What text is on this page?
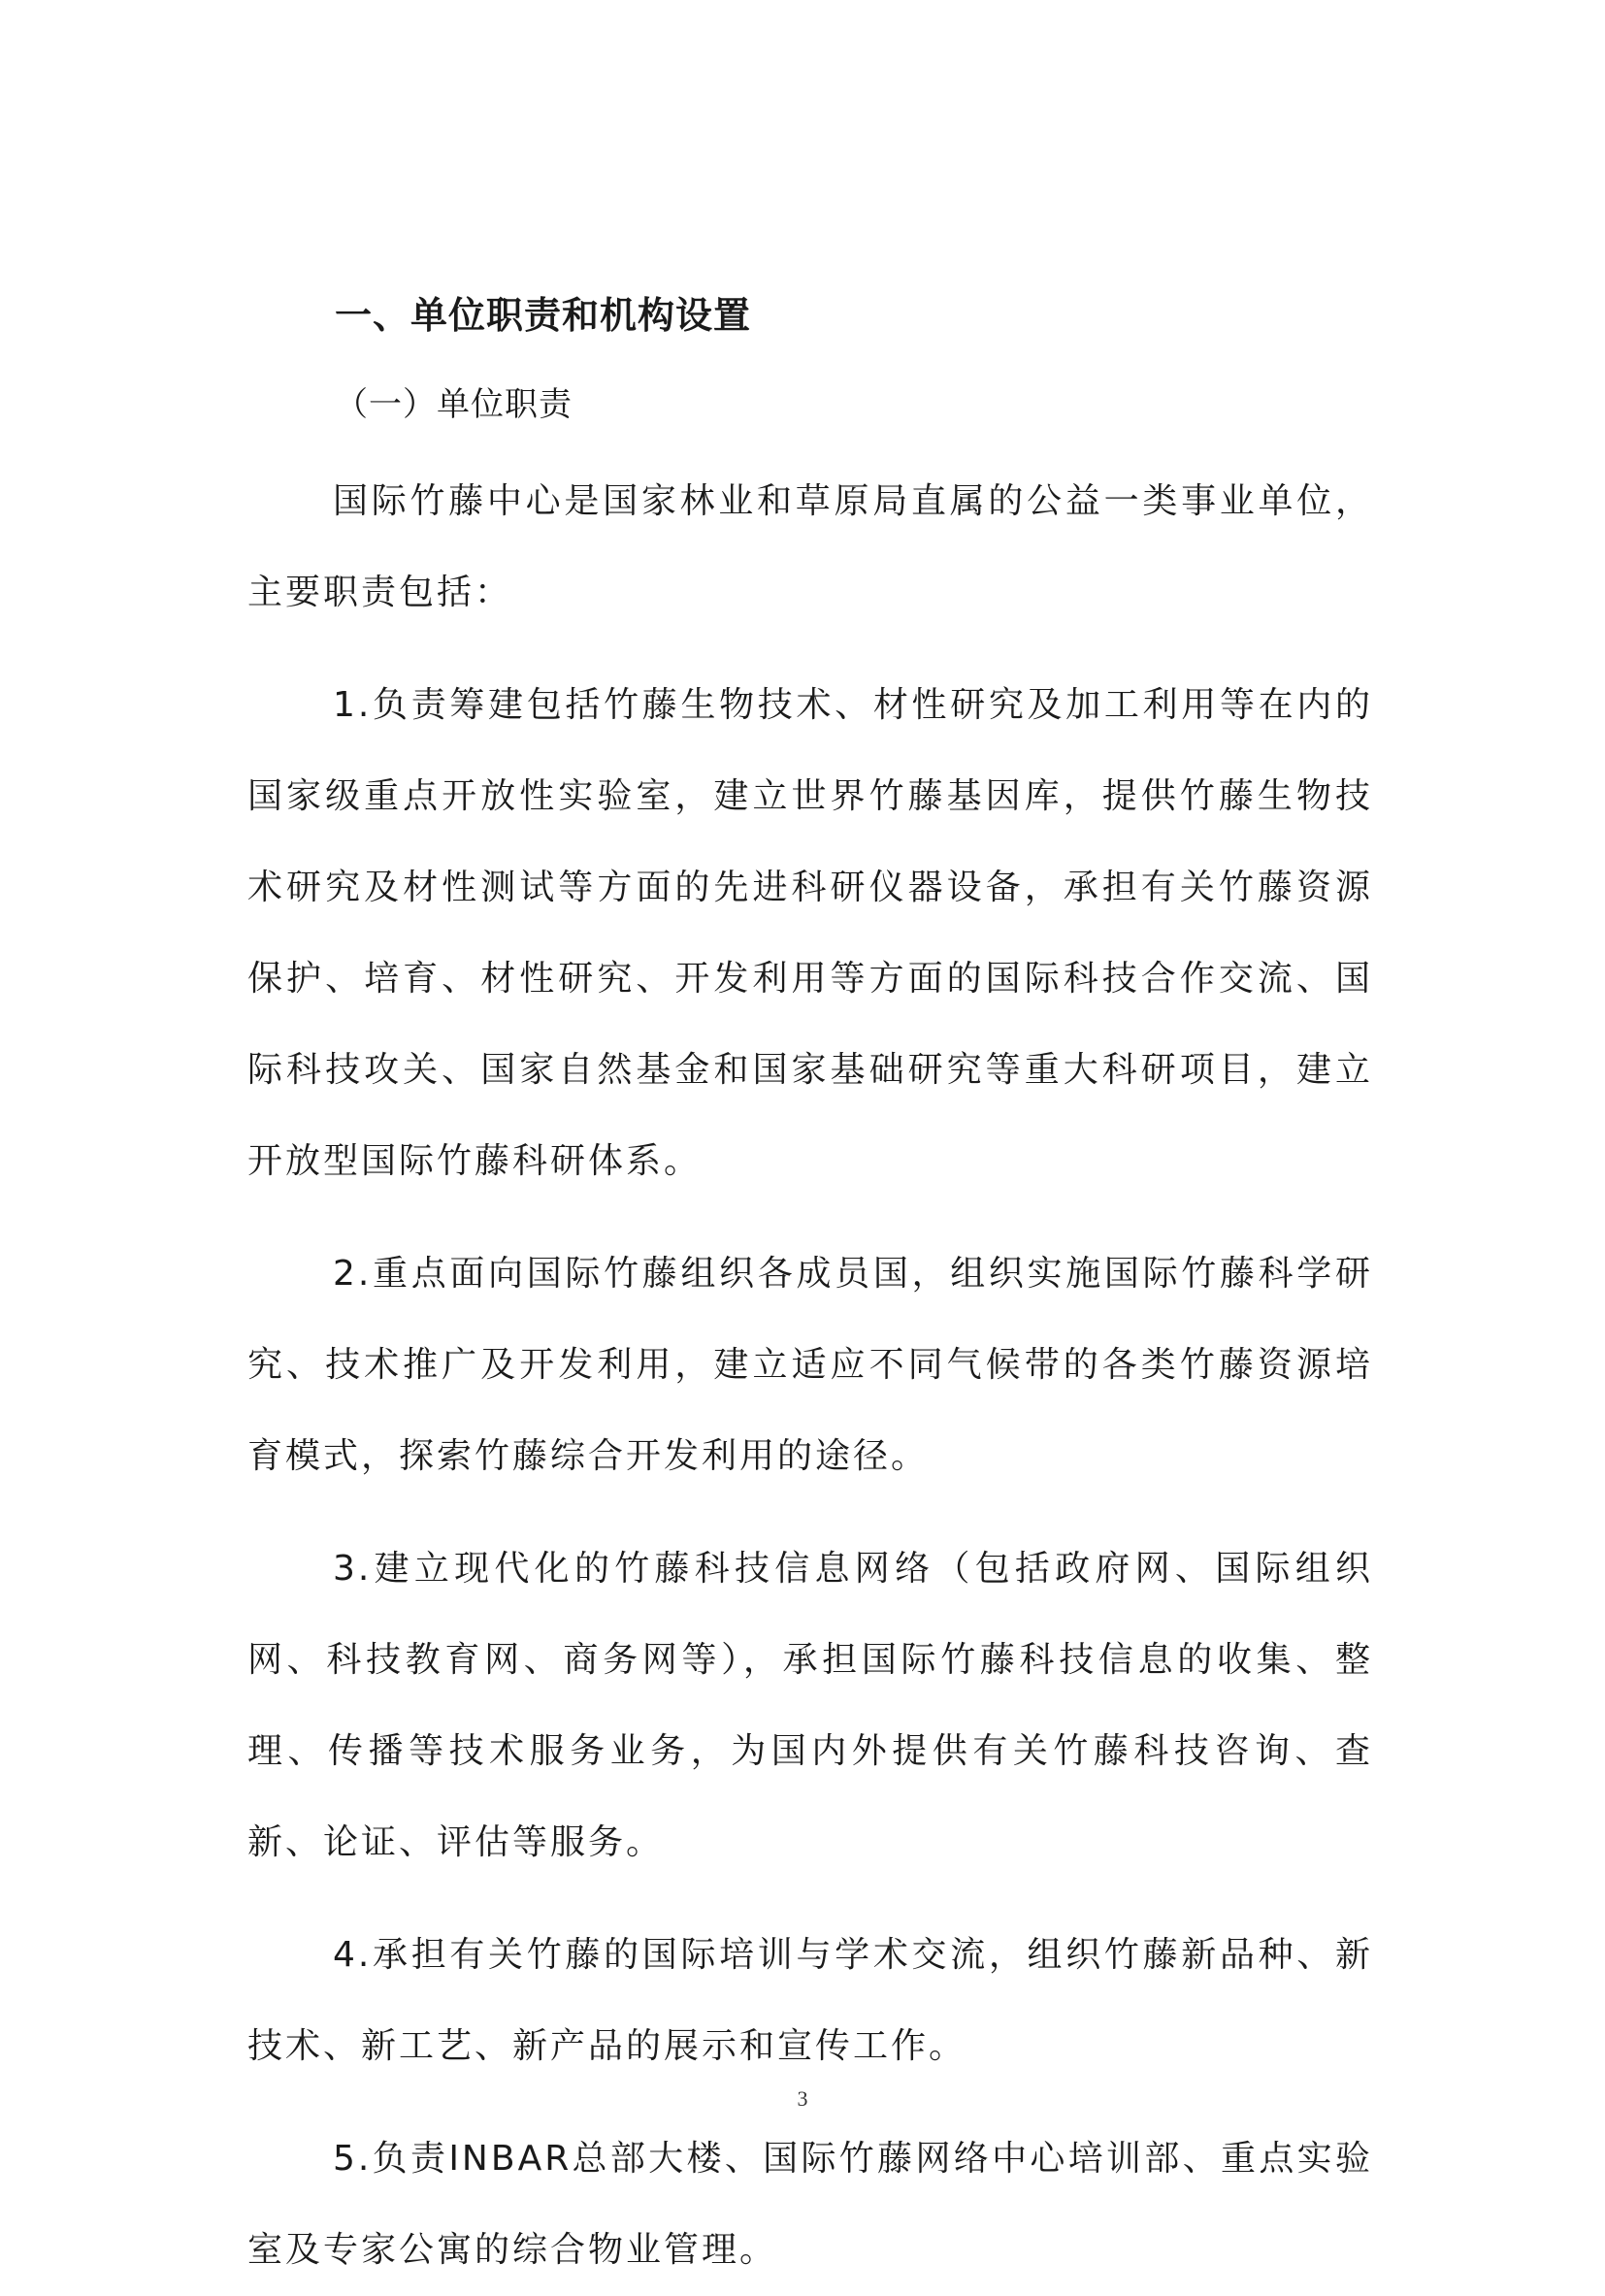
一、单位职责和机构设置
（一）单位职责

国际竹藤中心是国家林业和草原局直属的公益一类事业单位，主要职责包括：

1.负责筹建包括竹藤生物技术、材性研究及加工利用等在内的国家级重点开放性实验室，建立世界竹藤基因库，提供竹藤生物技术研究及材性测试等方面的先进科研仪器设备，承担有关竹藤资源保护、培育、材性研究、开发利用等方面的国际科技合作交流、国际科技攻关、国家自然基金和国家基础研究等重大科研项目，建立开放型国际竹藤科研体系。

2.重点面向国际竹藤组织各成员国，组织实施国际竹藤科学研究、技术推广及开发利用，建立适应不同气候带的各类竹藤资源培育模式，探索竹藤综合开发利用的途径。

3.建立现代化的竹藤科技信息网络（包括政府网、国际组织网、科技教育网、商务网等），承担国际竹藤科技信息的收集、整理、传播等技术服务业务，为国内外提供有关竹藤科技咨询、查新、论证、评估等服务。

4.承担有关竹藤的国际培训与学术交流，组织竹藤新品种、新技术、新工艺、新产品的展示和宣传工作。

5.负责INBAR总部大楼、国际竹藤网络中心培训部、重点实验室及专家公寓的综合物业管理。

3
